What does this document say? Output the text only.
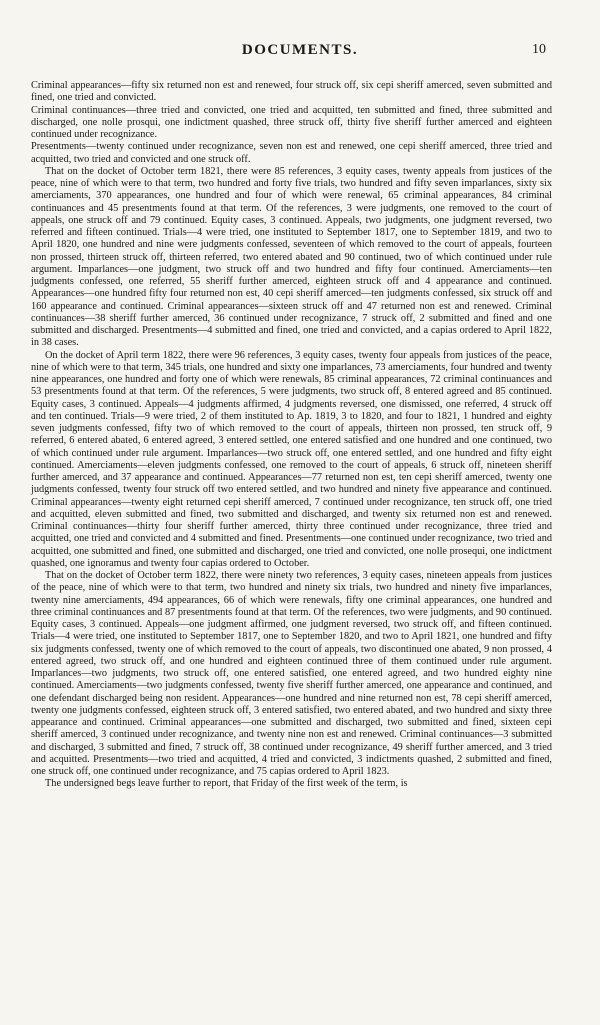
DOCUMENTS.	10

Criminal appearances—fifty six returned non est and renewed, four struck off, six cepi sheriff amerced, seven submitted and fined, one tried and convicted.

Criminal continuances—three tried and convicted, one tried and acquitted, ten submitted and fined, three submitted and discharged, one nolle prosqui, one indictment quashed, three struck off, thirty five sheriff further amerced and eighteen continued under recognizance.

Presentments—twenty continued under recognizance, seven non est and renewed, one cepi sheriff amerced, three tried and acquitted, two tried and convicted and one struck off.

That on the docket of October term 1821, there were 85 references, 3 equity cases, twenty appeals from justices of the peace, nine of which were to that term, two hundred and forty five trials, two hundred and fifty seven imparlances, sixty six amerciaments, 370 appearances, one hundred and four of which were renewal, 65 criminal appearances, 84 criminal continuances and 45 presentments found at that term. Of the references, 3 were judgments, one removed to the court of appeals, one struck off and 79 continued. Equity cases, 3 continued. Appeals, two judgments, one judgment reversed, two referred and fifteen continued. Trials—4 were tried, one instituted to September 1817, one to September 1819, and two to April 1820, one hundred and nine were judgments confessed, seventeen of which removed to the court of appeals, fourteen non prossed, thirteen struck off, thirteen referred, two entered abated and 90 continued, two of which continued under rule argument. Imparlances—one judgment, two struck off and two hundred and fifty four continued. Amerciaments—ten judgments confessed, one referred, 55 sheriff further amerced, eighteen struck off and 4 appearance and continued. Appearances—one hundred fifty four returned non est, 40 cepi sheriff amerced—ten judgments confessed, six struck off and 160 appearance and continued. Criminal appearances—sixteen struck off and 47 returned non est and renewed. Criminal continuances—38 sheriff further amerced, 36 continued under recognizance, 7 struck off, 2 submitted and fined and one submitted and discharged. Presentments—4 submitted and fined, one tried and convicted, and a capias ordered to April 1822, in 38 cases.

On the docket of April term 1822, there were 96 references, 3 equity cases, twenty four appeals from justices of the peace, nine of which were to that term, 345 trials, one hundred and sixty one imparlances, 73 amerciaments, four hundred and twenty nine appearances, one hundred and forty one of which were renewals, 85 criminal appearances, 72 criminal continuances and 53 presentments found at that term. Of the references, 5 were judgments, two struck off, 8 entered agreed and 85 continued. Equity cases, 3 continued. Appeals—4 judgments affirmed, 4 judgments reversed, one dismissed, one referred, 4 struck off and ten continued. Trials—9 were tried, 2 of them instituted to Ap. 1819, 3 to 1820, and four to 1821, 1 hundred and eighty seven judgments confessed, fifty two of which removed to the court of appeals, thirteen non prossed, ten struck off, 9 referred, 6 entered abated, 6 entered agreed, 3 entered settled, one entered satisfied and one hundred and one continued, two of which continued under rule argument. Imparlances—two struck off, one entered settled, and one hundred and fifty eight continued. Amerciaments—eleven judgments confessed, one removed to the court of appeals, 6 struck off, nineteen sheriff further amerced, and 37 appearance and continued. Appearances—77 returned non est, ten cepi sheriff amerced, twenty one judgments confessed, twenty four struck off two entered settled, and two hundred and ninety five appearance and continued. Criminal appearances—twenty eight returned cepi sheriff amerced, 7 continued under recognizance, ten struck off, one tried and acquitted, eleven submitted and fined, two submitted and discharged, and twenty six returned non est and renewed. Criminal continuances—thirty four sheriff further amerced, thirty three continued under recognizance, three tried and acquitted, one tried and convicted and 4 submitted and fined. Presentments—one continued under recognizance, two tried and acquitted, one submitted and fined, one submitted and discharged, one tried and convicted, one nolle prosequi, one indictment quashed, one ignoramus and twenty four capias ordered to October.

That on the docket of October term 1822, there were ninety two references, 3 equity cases, nineteen appeals from justices of the peace, nine of which were to that term, two hundred and ninety six trials, two hundred and ninety five imparlances, twenty nine amerciaments, 494 appearances, 66 of which were renewals, fifty one criminal appearances, one hundred and three criminal continuances and 87 presentments found at that term. Of the references, two were judgments, and 90 continued. Equity cases, 3 continued. Appeals—one judgment affirmed, one judgment reversed, two struck off, and fifteen continued. Trials—4 were tried, one instituted to September 1817, one to September 1820, and two to April 1821, one hundred and fifty six judgments confessed, twenty one of which removed to the court of appeals, two discontinued one abated, 9 non prossed, 4 entered agreed, two struck off, and one hundred and eighteen continued three of them continued under rule argument. Imparlances—two judgments, two struck off, one entered satisfied, one entered agreed, and two hundred eighty nine continued. Amerciaments—two judgments confessed, twenty five sheriff further amerced, one appearance and continued, and one defendant discharged being non resident. Appearances—one hundred and nine returned non est, 78 cepi sheriff amerced, twenty one judgments confessed, eighteen struck off, 3 entered satisfied, two entered abated, and two hundred and sixty three appearance and continued. Criminal appearances—one submitted and discharged, two submitted and fined, sixteen cepi sheriff amerced, 3 continued under recognizance, and twenty nine non est and renewed. Criminal continuances—3 submitted and discharged, 3 submitted and fined, 7 struck off, 38 continued under recognizance, 49 sheriff further amerced, and 3 tried and acquitted. Presentments—two tried and acquitted, 4 tried and convicted, 3 indictments quashed, 2 submitted and fined, one struck off, one continued under recognizance, and 75 capias ordered to April 1823.

The undersigned begs leave further to report, that Friday of the first week of the term, is
